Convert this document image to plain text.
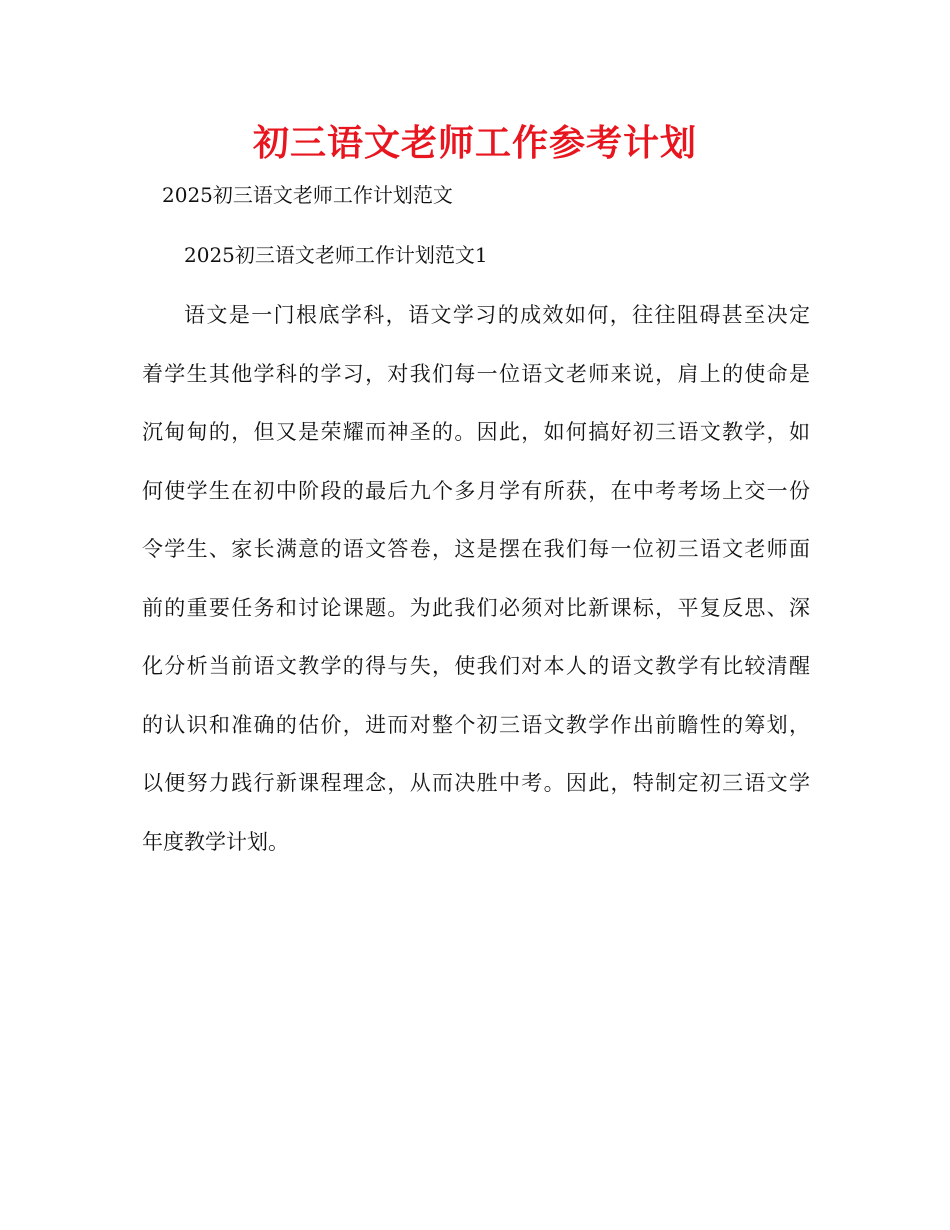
初三语文老师工作参考计划
2025初三语文老师工作计划范文
2025初三语文老师工作计划范文1
语文是一门根底学科，语文学习的成效如何，往往阻碍甚至决定
着学生其他学科的学习，对我们每一位语文老师来说，肩上的使命是
沉甸甸的，但又是荣耀而神圣的。因此，如何搞好初三语文教学，如
何使学生在初中阶段的最后九个多月学有所获，在中考考场上交一份
令学生、家长满意的语文答卷，这是摆在我们每一位初三语文老师面
前的重要任务和讨论课题。为此我们必须对比新课标，平复反思、深
化分析当前语文教学的得与失，使我们对本人的语文教学有比较清醒
的认识和准确的估价，进而对整个初三语文教学作出前瞻性的筹划，
以便努力践行新课程理念，从而决胜中考。因此，特制定初三语文学
年度教学计划。
